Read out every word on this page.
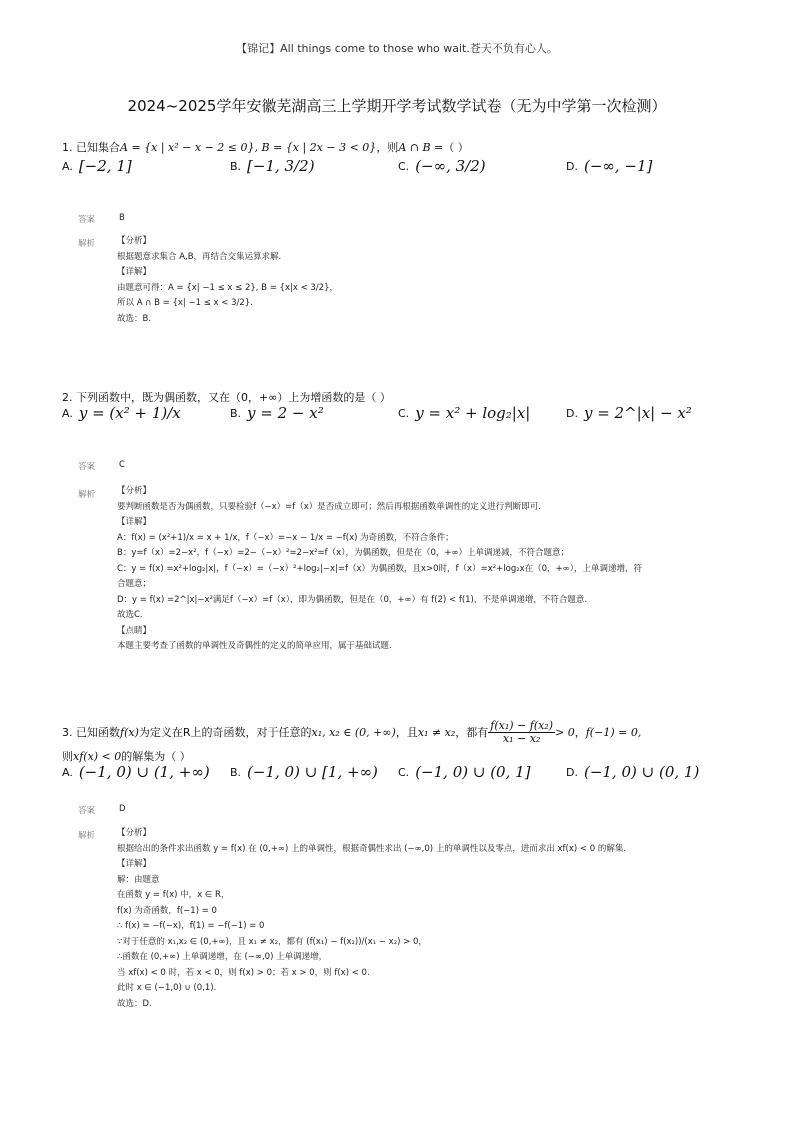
【锦记】All things come to those who wait.苍天不负有心人。
2024~2025学年安徽芜湖高三上学期开学考试数学试卷（无为中学第一次检测）
1. 已知集合A = {x | x² − x − 2 ≤ 0}, B = {x | 2x − 3 < 0}，则A ∩ B =（ ）
A. [−2, 1]	B. [−1, 3/2)	C. (−∞, 3/2)	D. (−∞, −1]
答案	B
解析	【分析】
根据题意求集合 A,B，再结合交集运算求解.
【详解】
由题意可得：A = {x| −1 ≤ x ≤ 2}, B = {x|x < 3/2}，
所以 A ∩ B = {x| −1 ≤ x < 3/2}.
故选：B.
2. 下列函数中，既为偶函数，又在（0，+∞）上为增函数的是（ ）
A. y = (x² + 1)/x	B. y = 2 − x²	C. y = x² + log₂|x|	D. y = 2^|x| − x²
答案	C
解析	【分析】
要判断函数是否为偶函数，只要检验f（−x）=f（x）是否成立即可；然后再根据函数单调性的定义进行判断即可.
【详解】
A：f(x) = (x²+1)/x = x + 1/x，f（−x）=−x − 1/x = −f(x) 为奇函数，不符合条件；
B：y=f（x）=2−x²，f（−x）=2−（−x）²=2−x²=f（x），为偶函数，但是在（0，+∞）上单调递减，不符合题意；
C：y = f(x) =x²+log₂|x|，f（−x）=（−x）²+log₂|−x|=f（x）为偶函数，且x>0时，f（x）=x²+log₂x在（0，+∞），上单调递增，符
合题意；
D：y = f(x) =2^|x|−x²满足f（−x）=f（x），即为偶函数，但是在（0，+∞）有 f(2) < f(1)，不是单调递增，不符合题意.
故选C.
【点睛】
本题主要考查了函数的单调性及奇偶性的定义的简单应用，属于基础试题.
3. 已知函数 f(x) 为定义在R上的奇函数，对于任意的 x₁, x₂ ∈ (0, +∞) ，且 x₁ ≠ x₂ ，都有 $\frac{\text{f(x₁) − f(x₂)}}{\text{x₁ − x₂}} > 0$ ， f(−1) = 0,
则xf(x) < 0的解集为（ ）
A. (−1, 0) ∪ (1, +∞) B. (−1, 0) ∪ [1, +∞) C. (−1, 0) ∪ (0, 1]	D. (−1, 0) ∪ (0, 1)
答案	D
解析	【分析】
根据给出的条件求出函数 y = f(x) 在 (0,+∞) 上的单调性，根据奇偶性求出 (−∞,0) 上的单调性以及零点，进而求出 xf(x) < 0 的解集.
【详解】
解：由题意
在函数 y = f(x) 中，x ∈ R，
f(x) 为奇函数，f(−1) = 0
∴ f(x) = −f(−x)，f(1) = −f(−1) = 0
∵对于任意的 x₁,x₂ ∈ (0,+∞)，且 x₁ ≠ x₂，都有 (f(x₁) − f(x₂))/(x₁ − x₂) > 0，
∴函数在 (0,+∞) 上单调递增，在 (−∞,0) 上单调递增，
当 xf(x) < 0 时，若 x < 0，则 f(x) > 0；若 x > 0，则 f(x) < 0.
此时 x ∈ (−1,0) ∪ (0,1).
故选：D.
